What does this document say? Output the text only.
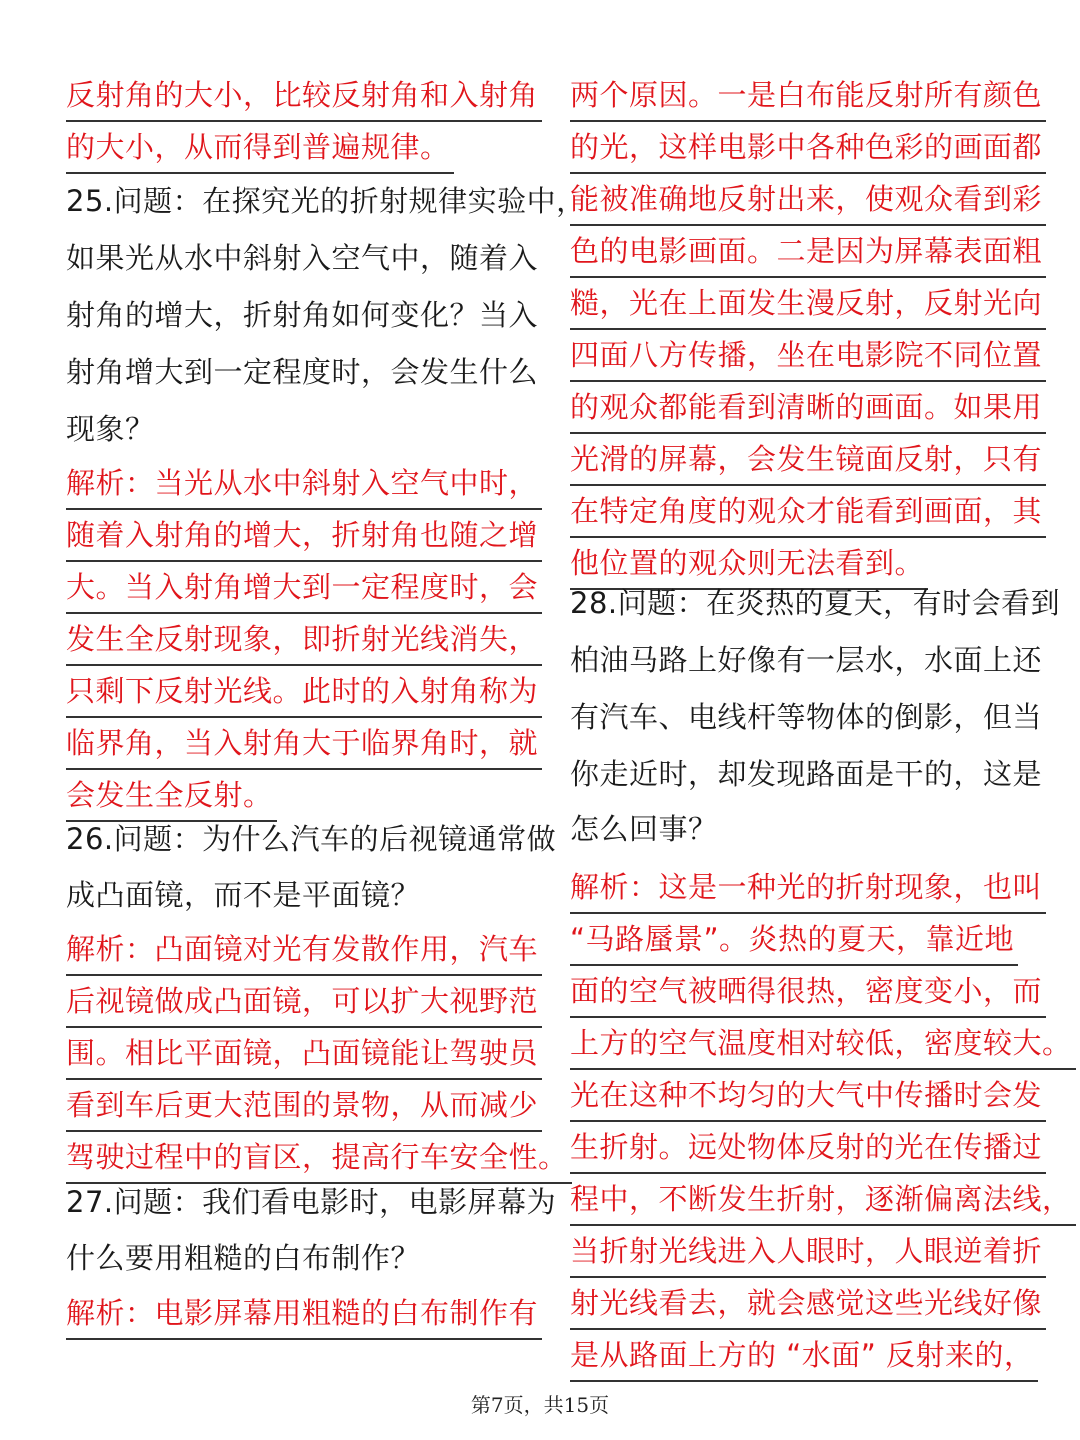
反射角的大小，比较反射角和入射角
的大小，从而得到普遍规律。
25.问题：在探究光的折射规律实验中，
如果光从水中斜射入空气中，随着入
射角的增大，折射角如何变化？当入
射角增大到一定程度时，会发生什么
现象？
解析：当光从水中斜射入空气中时，
随着入射角的增大，折射角也随之增
大。当入射角增大到一定程度时，会
发生全反射现象，即折射光线消失，
只剩下反射光线。此时的入射角称为
临界角，当入射角大于临界角时，就
会发生全反射。
26.问题：为什么汽车的后视镜通常做
成凸面镜，而不是平面镜？
解析：凸面镜对光有发散作用，汽车
后视镜做成凸面镜，可以扩大视野范
围。相比平面镜，凸面镜能让驾驶员
看到车后更大范围的景物，从而减少
驾驶过程中的盲区，提高行车安全性。
27.问题：我们看电影时，电影屏幕为
什么要用粗糙的白布制作？
解析：电影屏幕用粗糙的白布制作有
两个原因。一是白布能反射所有颜色
的光，这样电影中各种色彩的画面都
能被准确地反射出来，使观众看到彩
色的电影画面。二是因为屏幕表面粗
糙，光在上面发生漫反射，反射光向
四面八方传播，坐在电影院不同位置
的观众都能看到清晰的画面。如果用
光滑的屏幕，会发生镜面反射，只有
在特定角度的观众才能看到画面，其
他位置的观众则无法看到。
28.问题：在炎热的夏天，有时会看到
柏油马路上好像有一层水，水面上还
有汽车、电线杆等物体的倒影，但当
你走近时，却发现路面是干的，这是
怎么回事？
解析：这是一种光的折射现象，也叫
“马路蜃景”。炎热的夏天，靠近地
面的空气被晒得很热，密度变小，而
上方的空气温度相对较低，密度较大。
光在这种不均匀的大气中传播时会发
生折射。远处物体反射的光在传播过
程中，不断发生折射，逐渐偏离法线，
当折射光线进入人眼时，人眼逆着折
射光线看去，就会感觉这些光线好像
是从路面上方的 “水面” 反射来的，
第7页，共15页
